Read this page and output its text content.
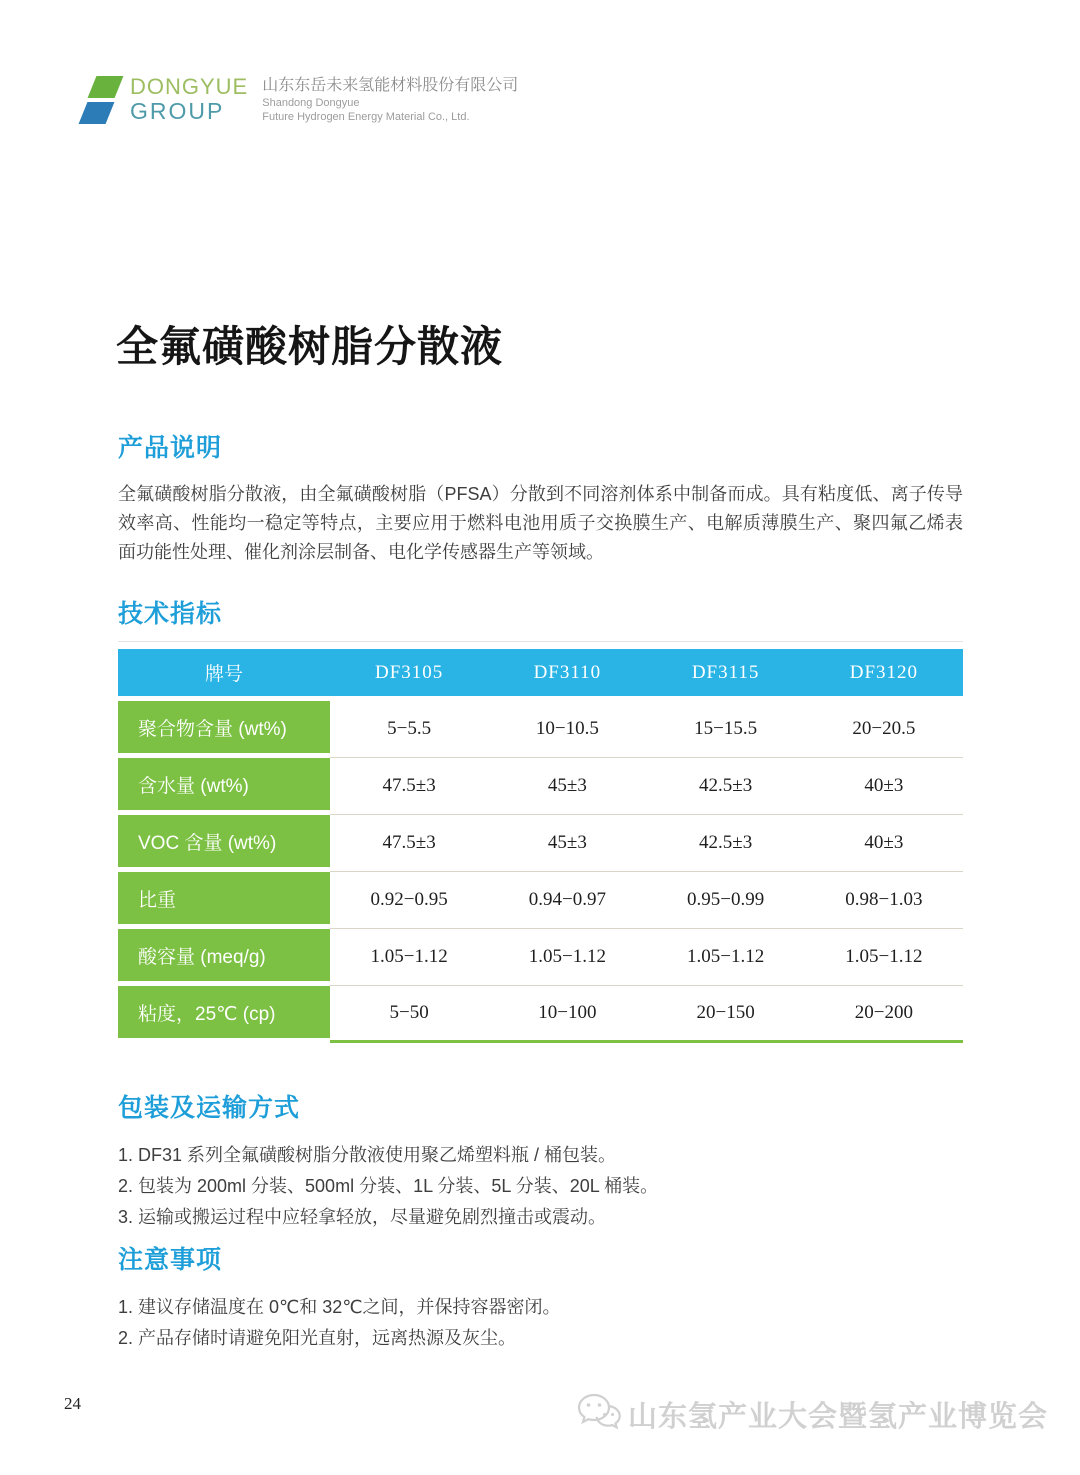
DONGYUE
GROUP
山东东岳未来氢能材料股份有限公司
Shandong Dongyue
Future Hydrogen Energy Material Co., Ltd.
全氟磺酸树脂分散液
产品说明

全氟磺酸树脂分散液，由全氟磺酸树脂（PFSA）分散到不同溶剂体系中制备而成。具有粘度低、离子传导效率高、性能均一稳定等特点，主要应用于燃料电池用质子交换膜生产、电解质薄膜生产、聚四氟乙烯表面功能性处理、催化剂涂层制备、电化学传感器生产等领域。

技术指标
牌号	DF3105	DF3110	DF3115	DF3120
聚合物含量 (wt%)	5−5.5	10−10.5	15−15.5	20−20.5
含水量 (wt%)	47.5±3	45±3	42.5±3	40±3
VOC 含量 (wt%)	47.5±3	45±3	42.5±3	40±3
比重	0.92−0.95	0.94−0.97	0.95−0.99	0.98−1.03
酸容量 (meq/g)	1.05−1.12	1.05−1.12	1.05−1.12	1.05−1.12
粘度，25℃ (cp)	5−50	10−100	20−150	20−200
包装及运输方式
1. DF31 系列全氟磺酸树脂分散液使用聚乙烯塑料瓶 / 桶包装。
2. 包装为 200ml 分装、500ml 分装、1L 分装、5L 分装、20L 桶装。
3. 运输或搬运过程中应轻拿轻放，尽量避免剧烈撞击或震动。
注意事项
1. 建议存储温度在 0℃和 32℃之间，并保持容器密闭。
2. 产品存储时请避免阳光直射，远离热源及灰尘。
24	山东氢产业大会暨氢产业博览会
